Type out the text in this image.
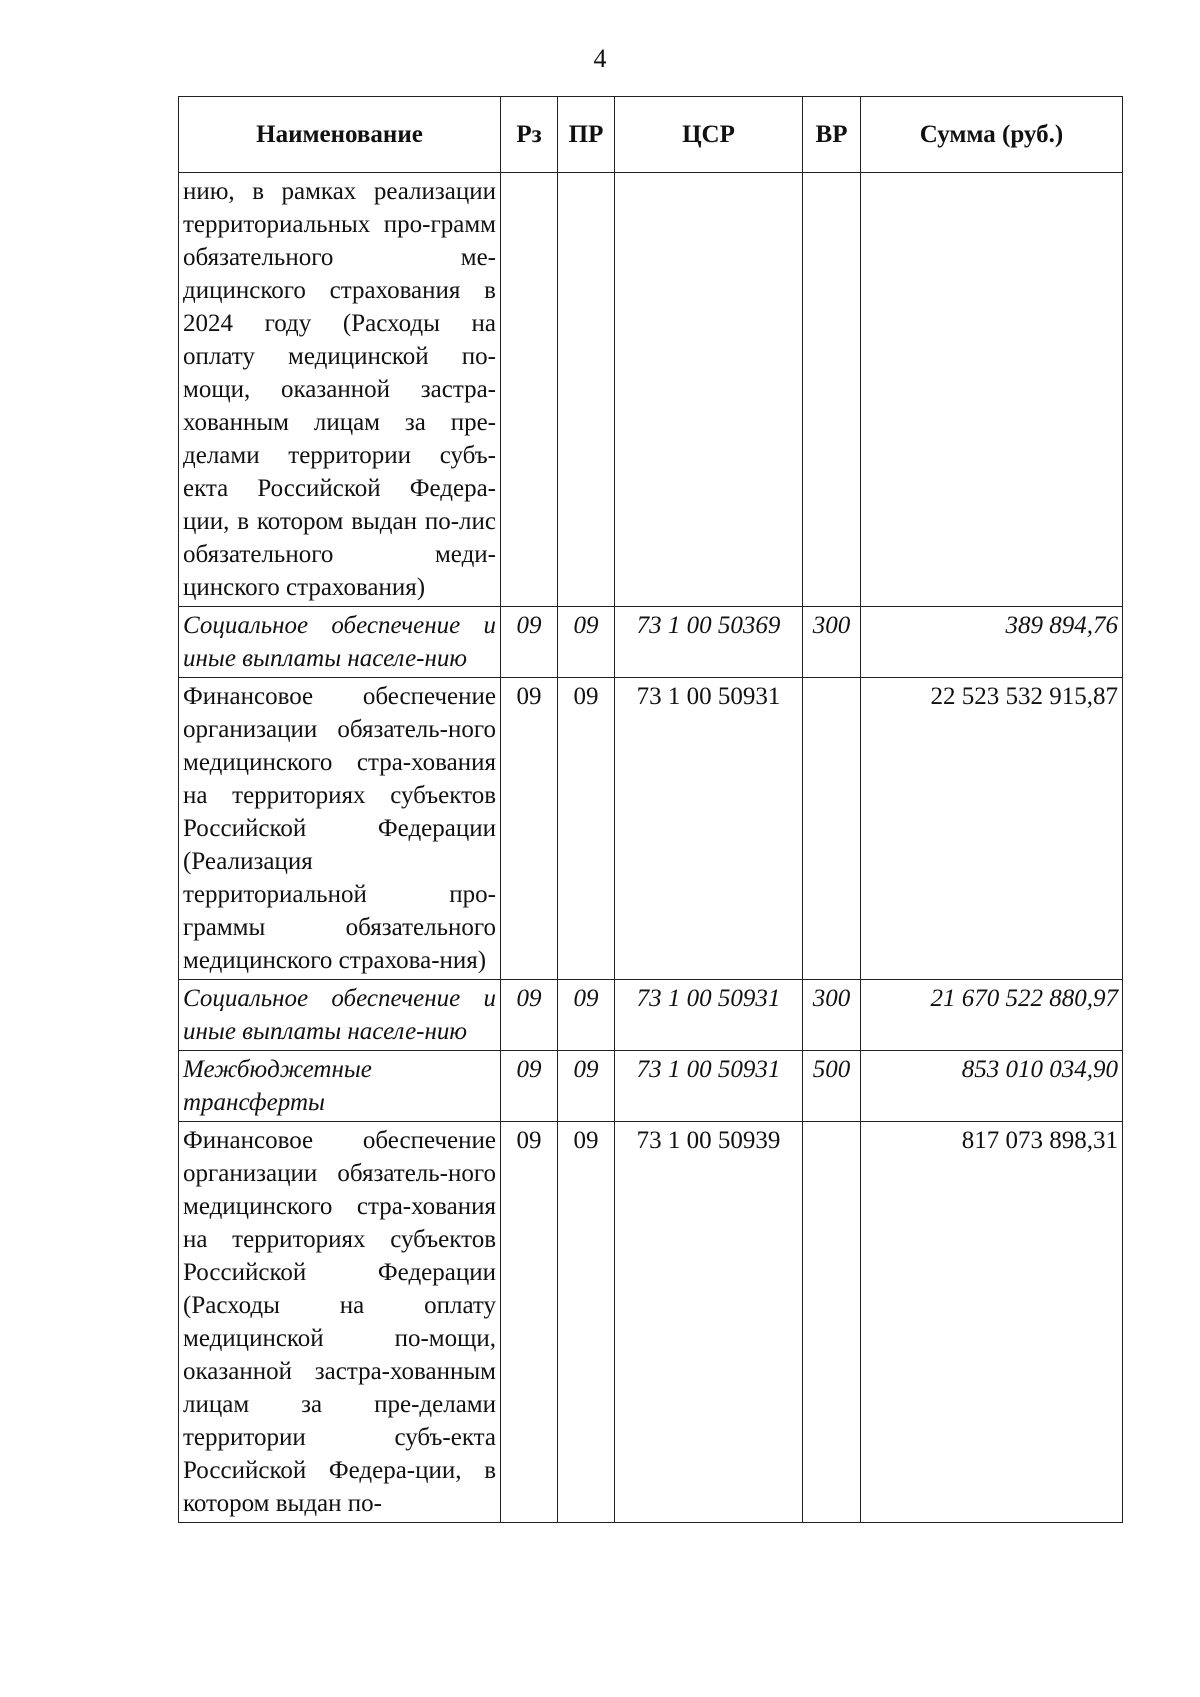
4
Наименование	Рз	ПР	ЦСР	ВР	Сумма (руб.)
нию, в рамках реализации территориальных про-грамм обязательного ме-дицинского страхования в 2024 году (Расходы на оплату медицинской по-мощи, оказанной застра-хованным лицам за пре-делами территории субъ-екта Российской Федера-ции, в котором выдан по-лис обязательного меди-цинского страхования)					
Социальное обеспечение и иные выплаты населе-нию	09	09	73 1 00 50369	300	389 894,76
Финансовое обеспечение организации обязатель-ного медицинского стра-хования на территориях субъектов Российской Федерации (Реализация территориальной про-граммы обязательного медицинского страхова-ния)	09	09	73 1 00 50931		22 523 532 915,87
Социальное обеспечение и иные выплаты населе-нию	09	09	73 1 00 50931	300	21 670 522 880,97
Межбюджетные трансферты	09	09	73 1 00 50931	500	853 010 034,90
Финансовое обеспечение организации обязатель-ного медицинского стра-хования на территориях субъектов Российской Федерации (Расходы на оплату медицинской по-мощи, оказанной застра-хованным лицам за пре-делами территории субъ-екта Российской Федера-ции, в котором выдан по-	09	09	73 1 00 50939		817 073 898,31
